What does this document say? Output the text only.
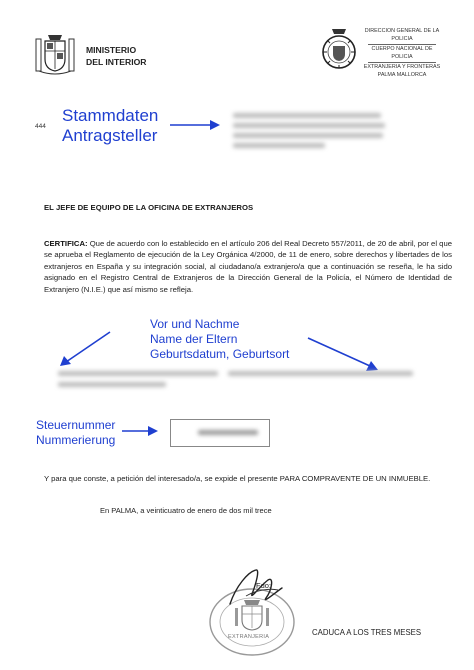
MINISTERIO
DEL INTERIOR
DIRECCION GENERAL DE LA
POLICIA
CUERPO NACIONAL DE
POLICIA
EXTRANJERIA Y FRONTERAS
PALMA MALLORCA
444
Stammdaten
Antragsteller
EL JEFE DE EQUIPO DE LA OFICINA DE EXTRANJEROS
CERTIFICA: Que de acuerdo con lo establecido en el artículo 206 del Real Decreto 557/2011, de 20 de abril, por el que se aprueba el Reglamento de ejecución de la Ley Orgánica 4/2000, de 11 de enero, sobre derechos y libertades de los extranjeros en España y su integración social, al ciudadano/a extranjero/a que a continuación se reseña, le ha sido asignado en el Registro Central de Extranjeros de la Dirección General de la Policía, el Número de Identidad de Extranjero (N.I.E.) que así mismo se refleja.
Vor und Nachme
Name der Eltern
Geburtsdatum, Geburtsort
Steuernummer
Nummerierung
Y para que conste, a petición del interesado/a, se expide el presente PARA COMPRAVENTE DE UN INMUEBLE.
En PALMA, a veinticuatro de enero de dos mil trece
EXTRANJERIA
Fdo:
CADUCA A LOS TRES MESES
